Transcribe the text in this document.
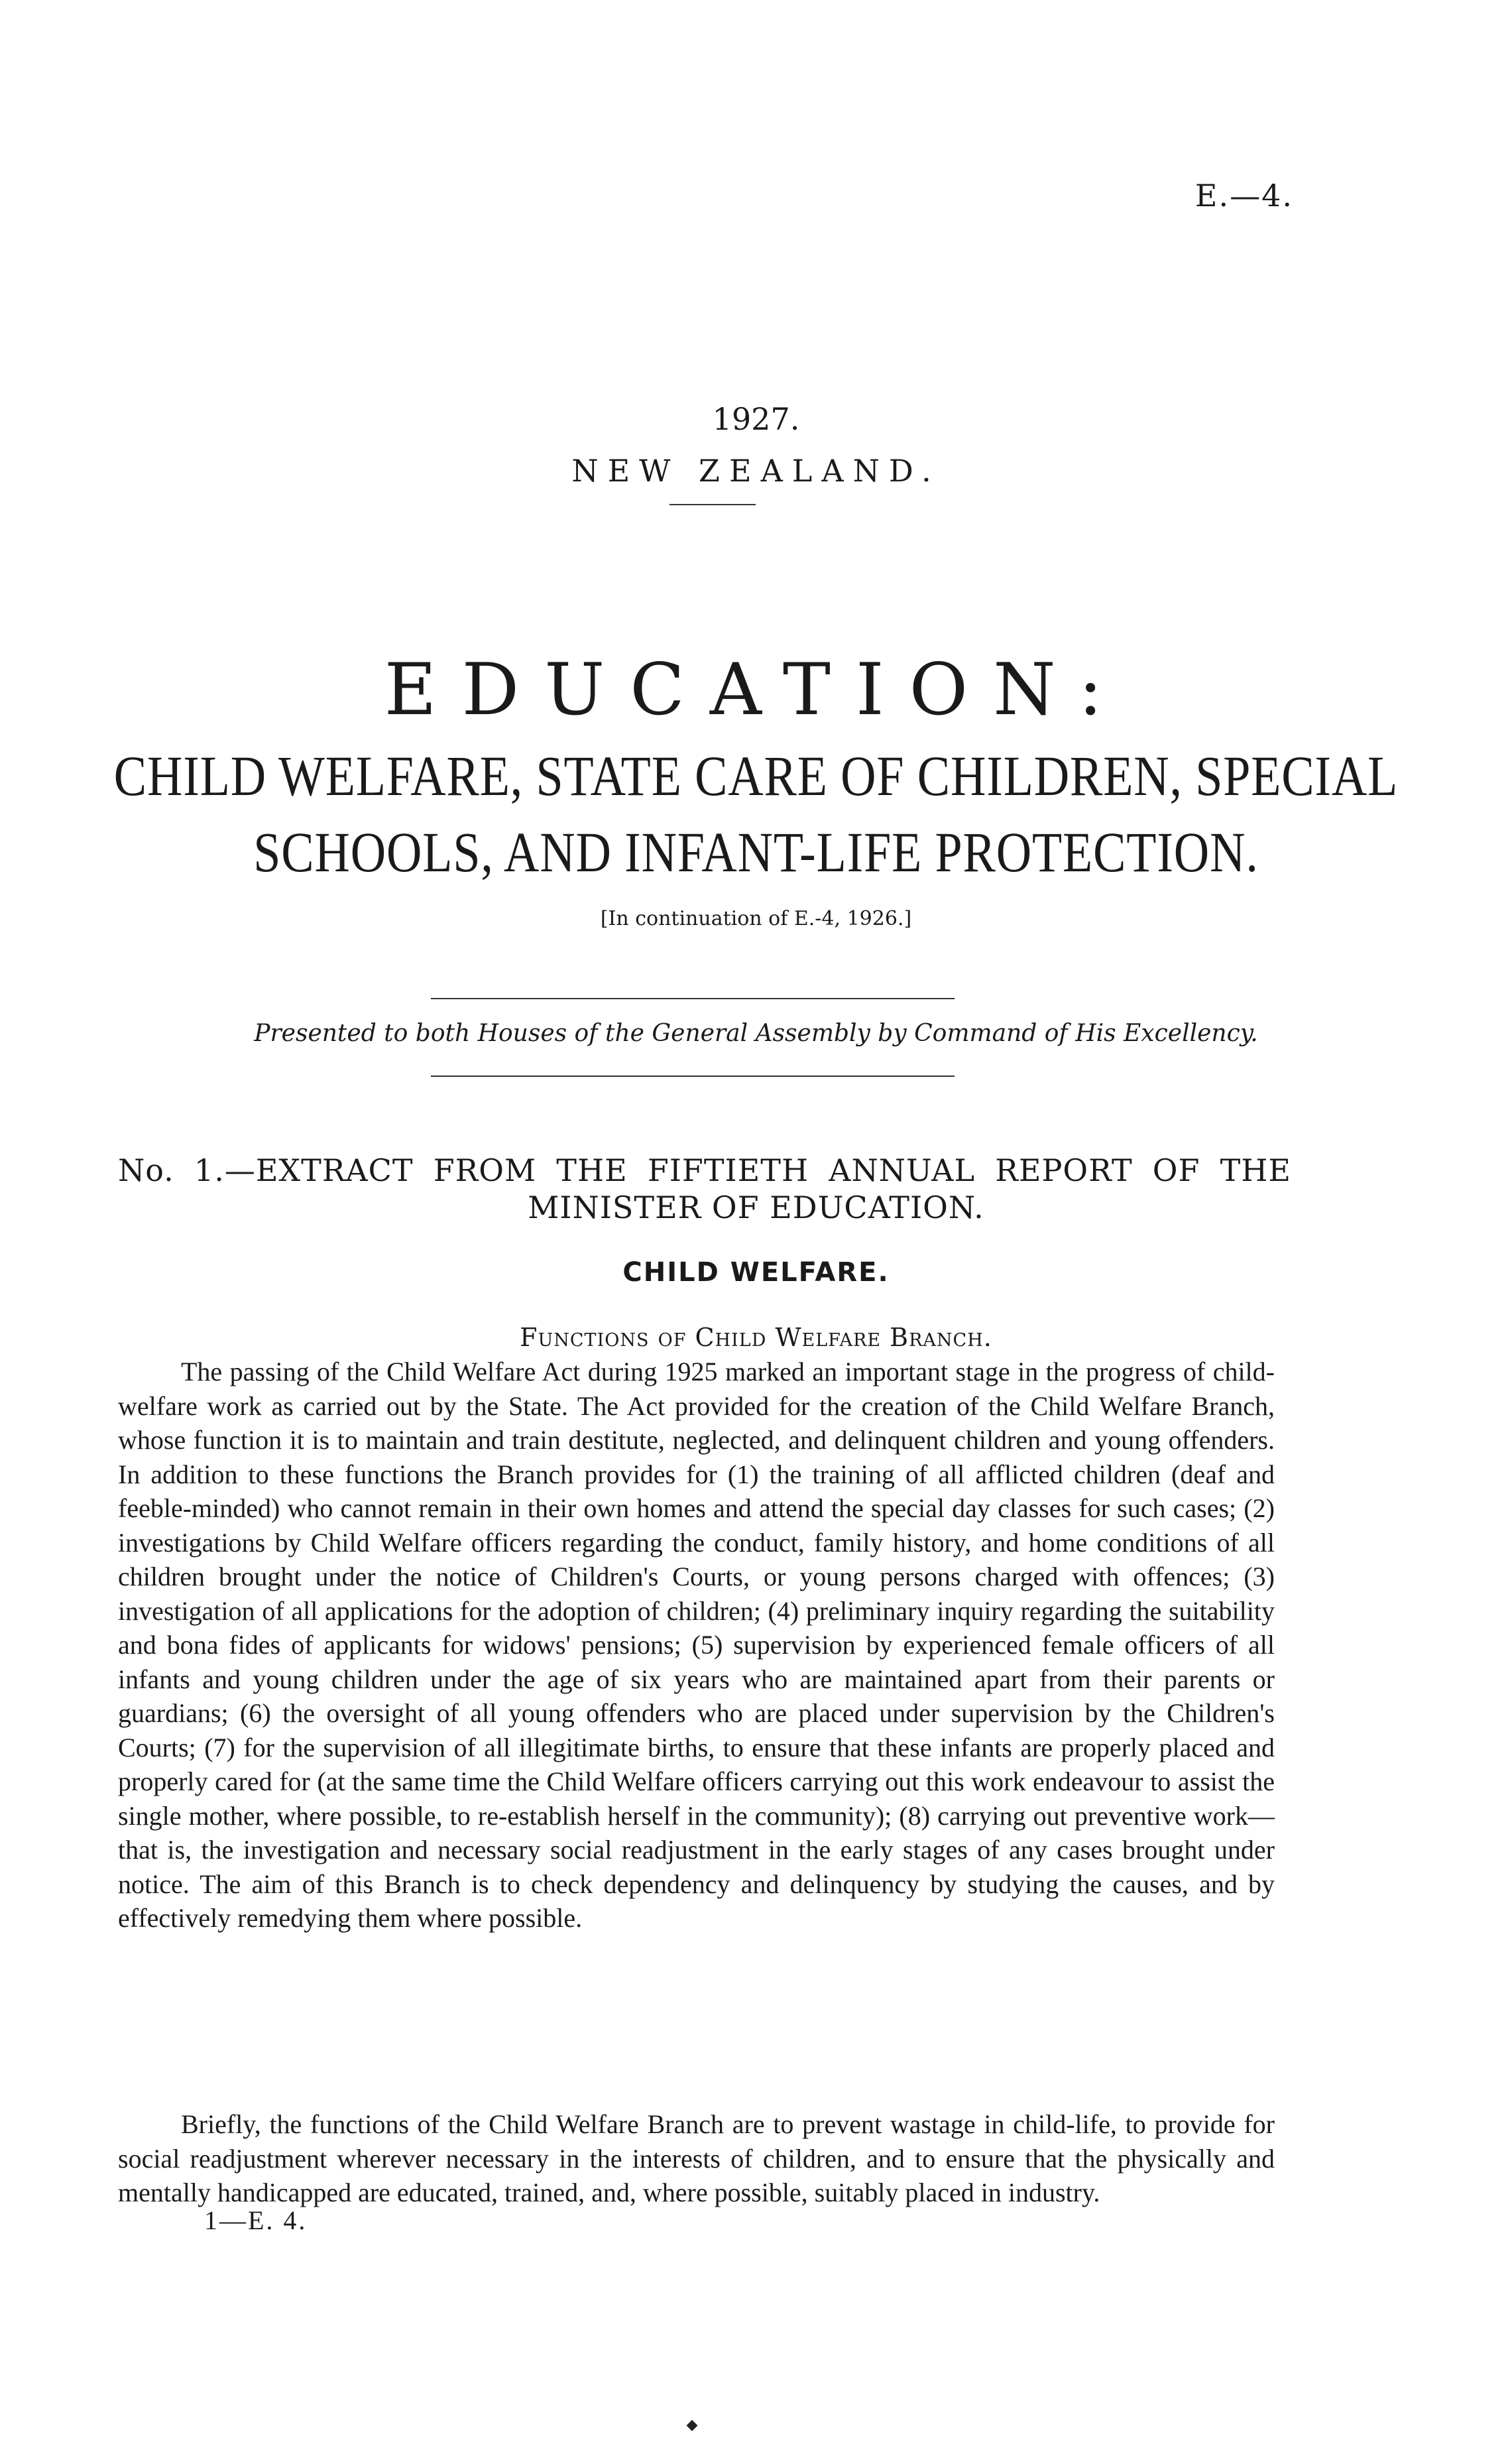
E.—4.
1927.
NEW ZEALAND.
EDUCATION:
CHILD WELFARE, STATE CARE OF CHILDREN, SPECIAL
SCHOOLS, AND INFANT-LIFE PROTECTION.
[In continuation of E.-4, 1926.]
Presented to both Houses of the General Assembly by Command of His Excellency.
No. 1.—EXTRACT FROM THE FIFTIETH ANNUAL REPORT OF THE
MINISTER OF EDUCATION.
CHILD WELFARE.
Functions of Child Welfare Branch.
The passing of the Child Welfare Act during 1925 marked an important stage in the progress of child-welfare work as carried out by the State. The Act provided for the creation of the Child Welfare Branch, whose function it is to maintain and train destitute, neglected, and delinquent children and young offenders. In addition to these functions the Branch provides for (1) the training of all afflicted children (deaf and feeble-minded) who cannot remain in their own homes and attend the special day classes for such cases; (2) investigations by Child Welfare officers regarding the conduct, family history, and home conditions of all children brought under the notice of Children's Courts, or young persons charged with offences; (3) investigation of all applications for the adoption of children; (4) preliminary inquiry regarding the suitability and bona fides of applicants for widows' pensions; (5) supervision by experienced female officers of all infants and young children under the age of six years who are maintained apart from their parents or guardians; (6) the oversight of all young offenders who are placed under supervision by the Children's Courts; (7) for the supervision of all illegitimate births, to ensure that these infants are properly placed and properly cared for (at the same time the Child Welfare officers carrying out this work endeavour to assist the single mother, where possible, to re-establish herself in the community); (8) carrying out preventive work—that is, the investigation and necessary social readjustment in the early stages of any cases brought under notice. The aim of this Branch is to check dependency and delinquency by studying the causes, and by effectively remedying them where possible.
Briefly, the functions of the Child Welfare Branch are to prevent wastage in child-life, to provide for social readjustment wherever necessary in the interests of children, and to ensure that the physically and mentally handicapped are educated, trained, and, where possible, suitably placed in industry.
1—E. 4.
